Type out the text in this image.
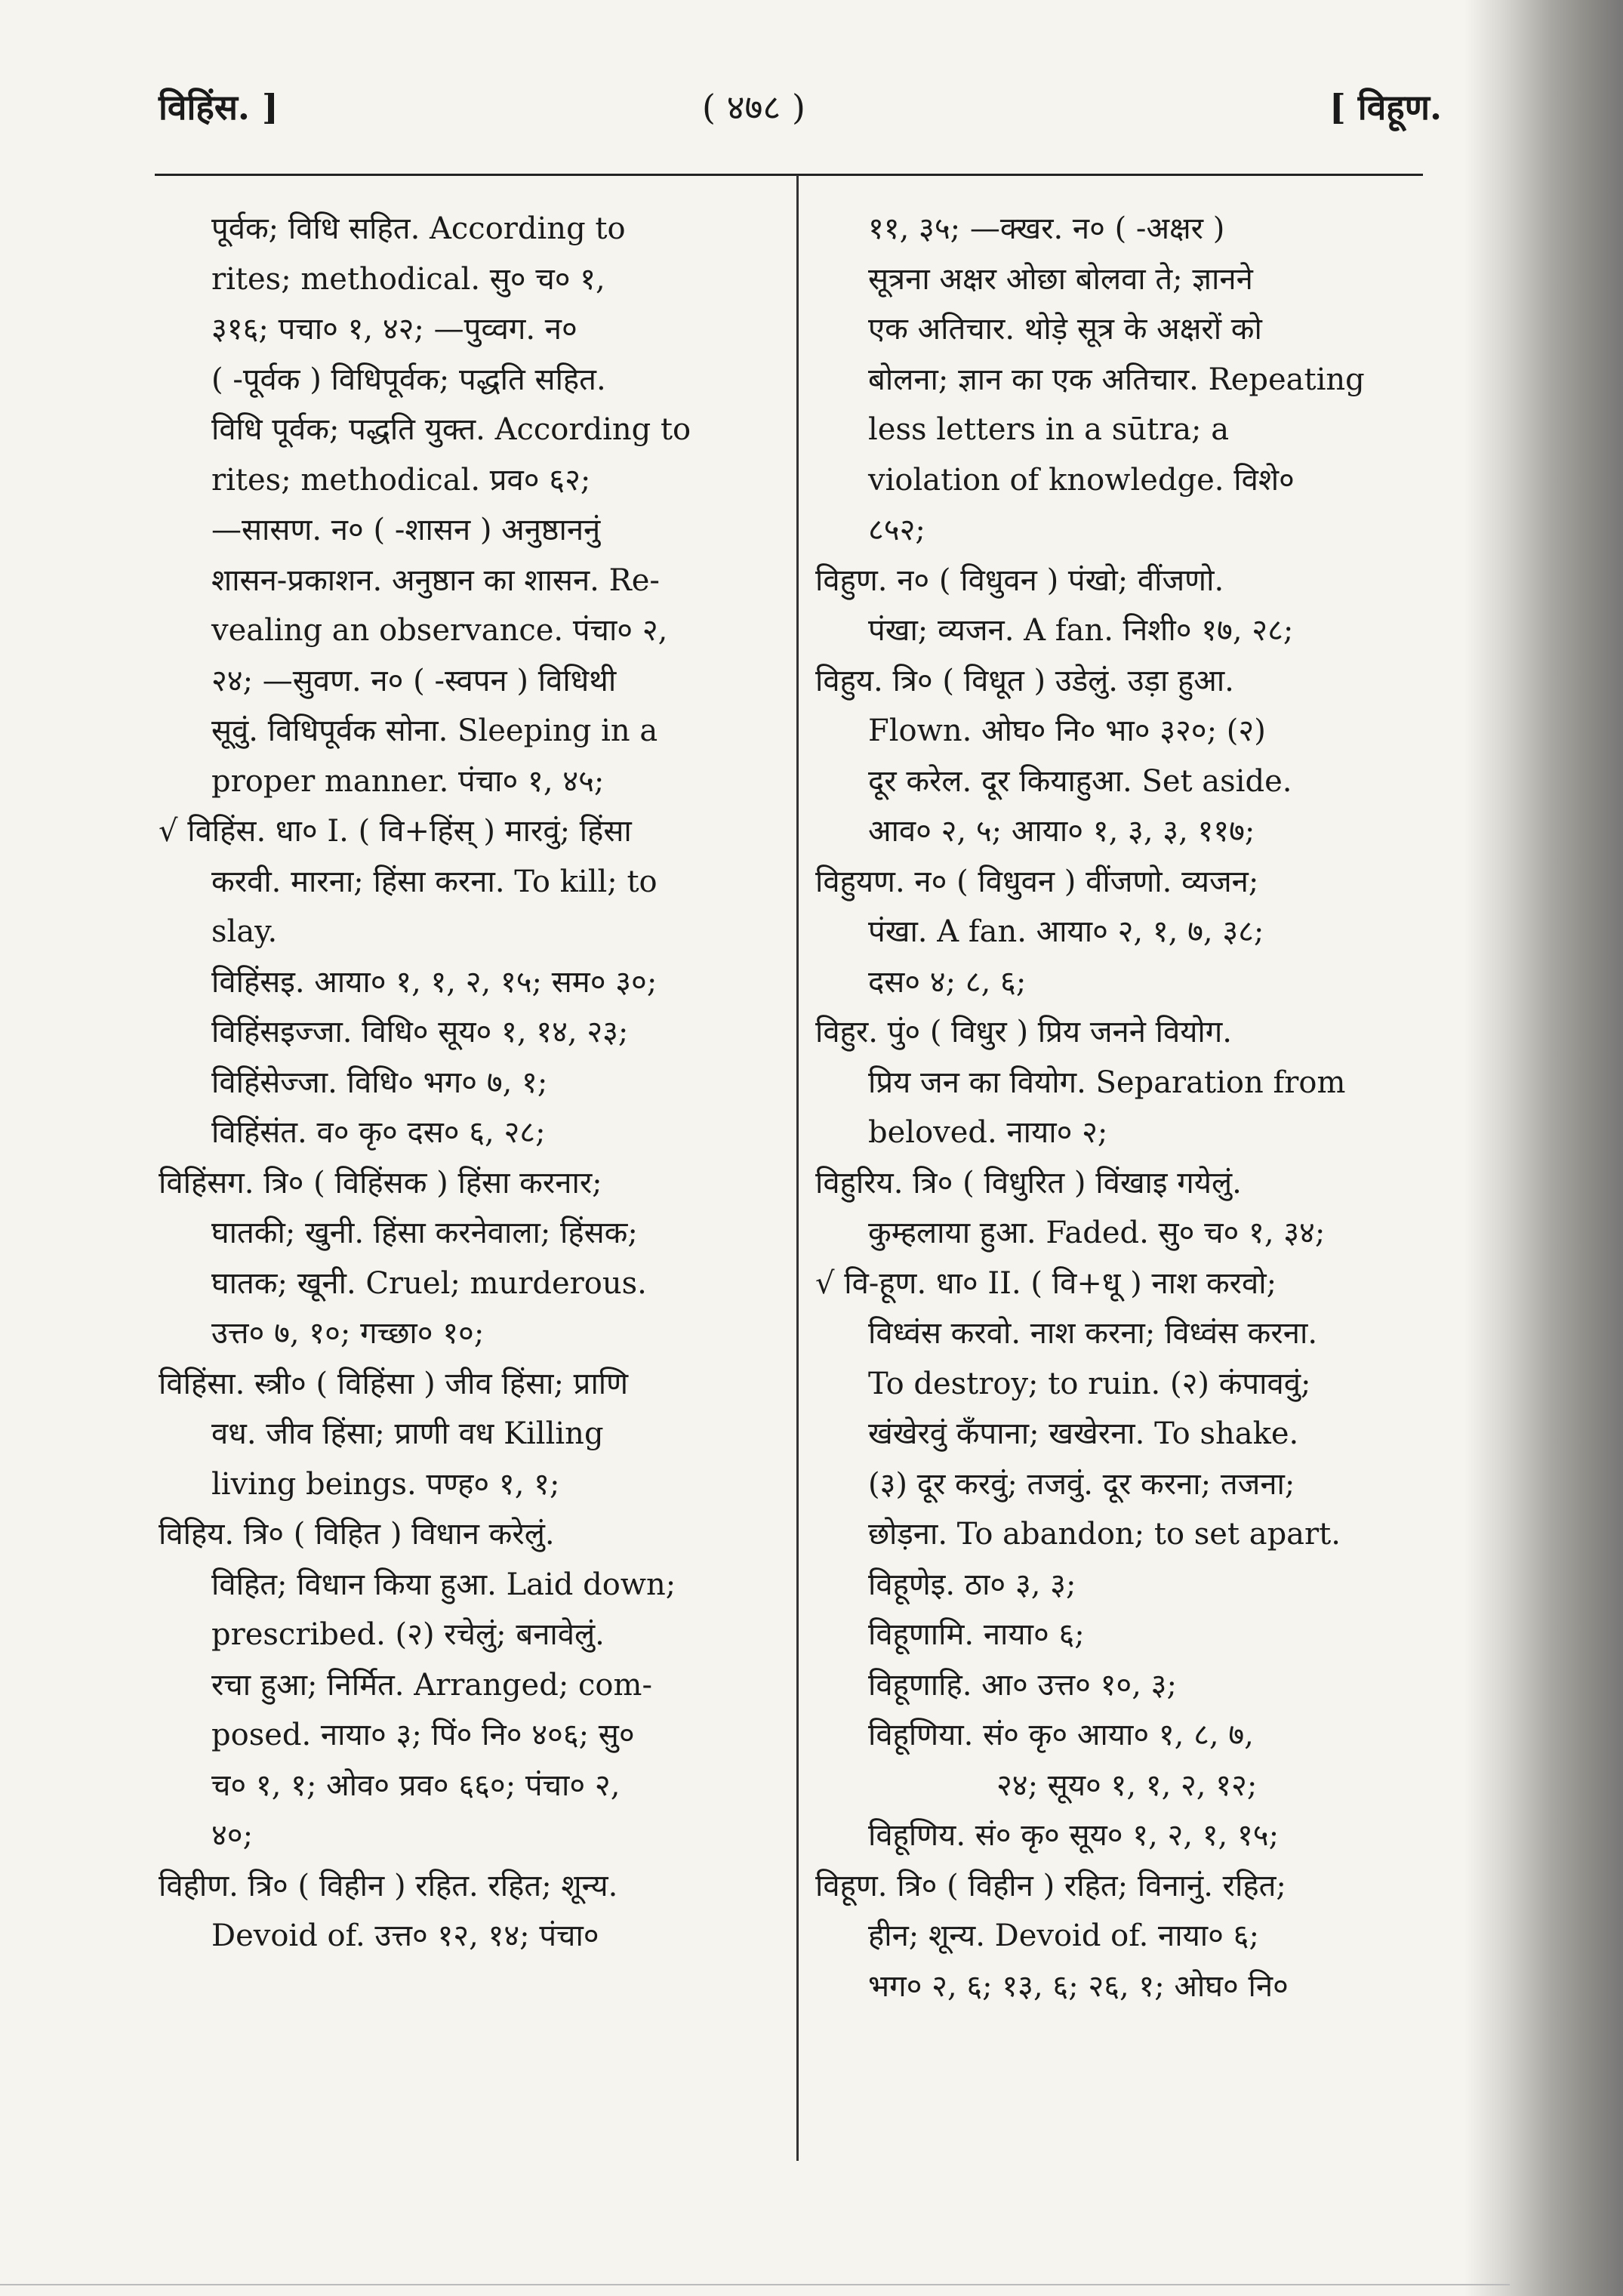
विहिंस. ]	( ४७८ )	[ विहूण.
पूर्वक; विधि सहित. According to
rites; methodical. सु० च० १,
३१६; पचा० १, ४२; —पुव्वग. न०
( -पूर्वक ) विधिपूर्वक; पद्धति सहित.
विधि पूर्वक; पद्धति युक्त. According to
rites; methodical. प्रव० ६२;
—सासण. न० ( -शासन ) अनुष्ठाननुं
शासन-प्रकाशन. अनुष्ठान का शासन. Re-
vealing an observance. पंचा० २,
२४; —सुवण. न० ( -स्वपन ) विधिथी
सूवुं. विधिपूर्वक सोना. Sleeping in a
proper manner. पंचा० १, ४५;
√ विहिंस. धा० I. ( वि+हिंस् ) मारवुं; हिंसा
करवी. मारना; हिंसा करना. To kill; to
slay.
विहिंसइ. आया० १, १, २, १५; सम० ३०;
विहिंसइज्जा. विधि० सूय० १, १४, २३;
विहिंसेज्जा. विधि० भग० ७, १;
विहिंसंत. व० कृ० दस० ६, २८;
विहिंसग. त्रि० ( विहिंसक ) हिंसा करनार;
घातकी; खुनी. हिंसा करनेवाला; हिंसक;
घातक; खूनी. Cruel; murderous.
उत्त० ७, १०; गच्छा० १०;
विहिंसा. स्त्री० ( विहिंसा ) जीव हिंसा; प्राणि
वध. जीव हिंसा; प्राणी वध Killing
living beings. पण्ह० १, १;
विहिय. त्रि० ( विहित ) विधान करेलुं.
विहित; विधान किया हुआ. Laid down;
prescribed. (२) रचेलुं; बनावेलुं.
रचा हुआ; निर्मित. Arranged; com-
posed. नाया० ३; पिं० नि० ४०६; सु०
च० १, १; ओव० प्रव० ६६०; पंचा० २,
४०;
विहीण. त्रि० ( विहीन ) रहित. रहित; शून्य.
Devoid of. उत्त० १२, १४; पंचा०
११, ३५; —क्खर. न० ( -अक्षर )
सूत्रना अक्षर ओछा बोलवा ते; ज्ञानने
एक अतिचार. थोड़े सूत्र के अक्षरों को
बोलना; ज्ञान का एक अतिचार. Repeating
less letters in a sūtra; a
violation of knowledge. विशे०
८५२;
विहुण. न० ( विधुवन ) पंखो; वींजणो.
पंखा; व्यजन. A fan. निशी० १७, २८;
विहुय. त्रि० ( विधूत ) उडेलुं. उड़ा हुआ.
Flown. ओघ० नि० भा० ३२०; (२)
दूर करेल. दूर कियाहुआ. Set aside.
आव० २, ५; आया० १, ३, ३, ११७;
विहुयण. न० ( विधुवन ) वींजणो. व्यजन;
पंखा. A fan. आया० २, १, ७, ३८;
दस० ४; ८, ६;
विहुर. पुं० ( विधुर ) प्रिय जनने वियोग.
प्रिय जन का वियोग. Separation from
beloved. नाया० २;
विहुरिय. त्रि० ( विधुरित ) विंखाइ गयेलुं.
कुम्हलाया हुआ. Faded. सु० च० १, ३४;
√ वि-हूण. धा० II. ( वि+धू ) नाश करवो;
विध्वंस करवो. नाश करना; विध्वंस करना.
To destroy; to ruin. (२) कंपाववुं;
खंखेरवुं कँपाना; खखेरना. To shake.
(३) दूर करवुं; तजवुं. दूर करना; तजना;
छोड़ना. To abandon; to set apart.
विहूणेइ. ठा० ३, ३;
विहूणामि. नाया० ६;
विहूणाहि. आ० उत्त० १०, ३;
विहूणिया. सं० कृ० आया० १, ८, ७,
२४; सूय० १, १, २, १२;
विहूणिय. सं० कृ० सूय० १, २, १, १५;
विहूण. त्रि० ( विहीन ) रहित; विनानुं. रहित;
हीन; शून्य. Devoid of. नाया० ६;
भग० २, ६; १३, ६; २६, १; ओघ० नि०
